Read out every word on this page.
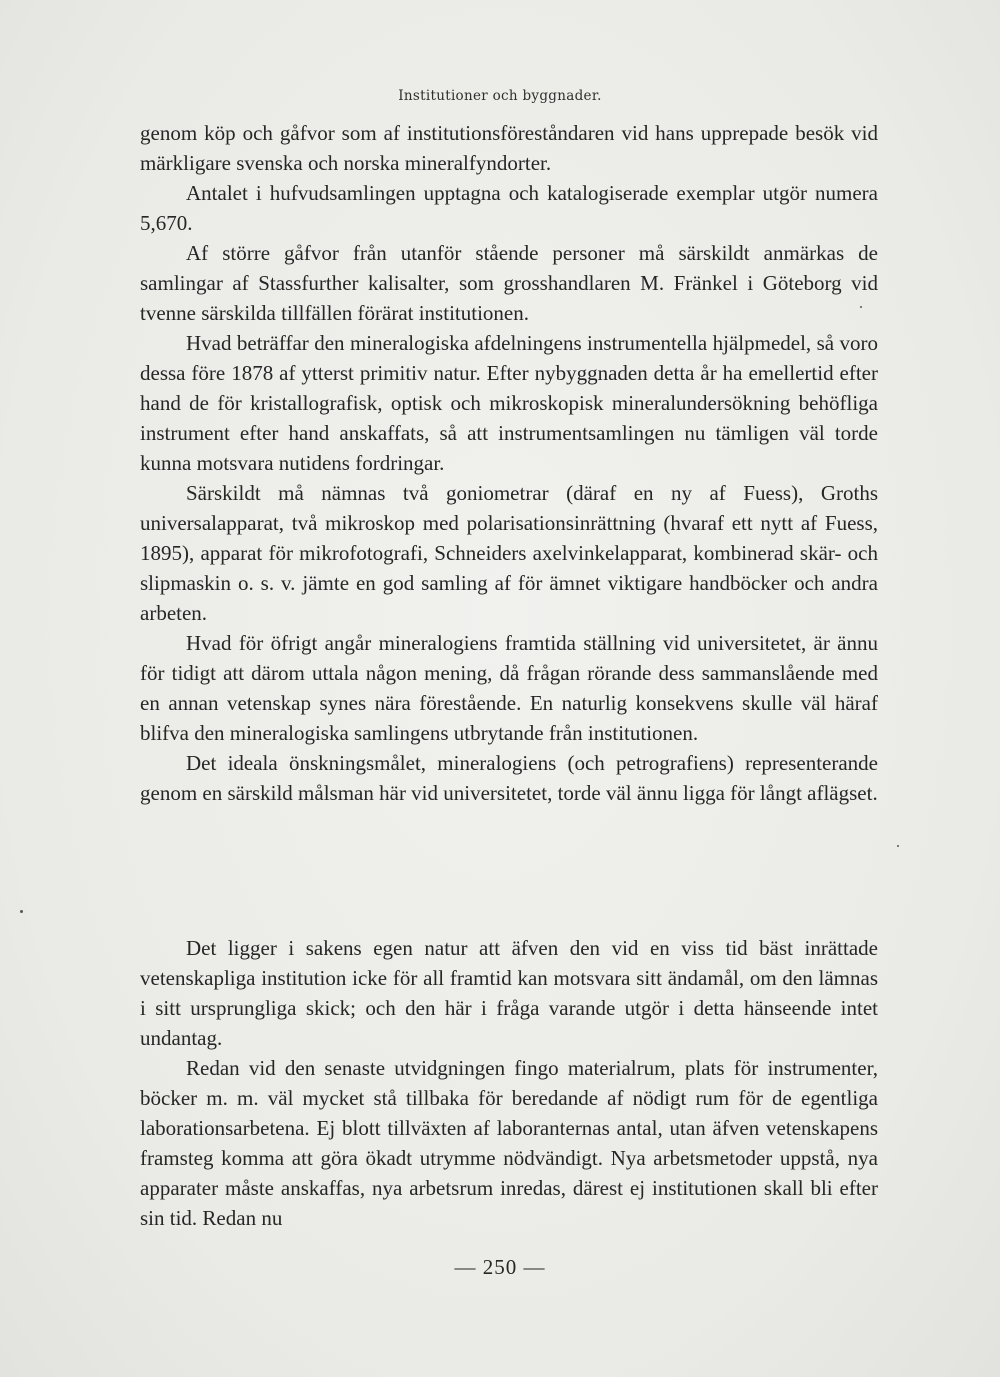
Institutioner och byggnader.

genom köp och gåfvor som af institutionsföreståndaren vid hans upprepade besök vid märkligare svenska och norska mineralfyndorter.

Antalet i hufvudsamlingen upptagna och katalogiserade exemplar utgör numera 5,670.

Af större gåfvor från utanför stående personer må särskildt anmärkas de samlingar af Stassfurther kalisalter, som grosshandlaren M. Fränkel i Göteborg vid tvenne särskilda tillfällen förärat institutionen.

Hvad beträffar den mineralogiska afdelningens instrumentella hjälpmedel, så voro dessa före 1878 af ytterst primitiv natur. Efter nybyggnaden detta år ha emellertid efter hand de för kristallografisk, optisk och mikroskopisk mineralundersökning behöfliga instrument efter hand anskaffats, så att instrumentsamlingen nu tämligen väl torde kunna motsvara nutidens fordringar.

Särskildt må nämnas två goniometrar (däraf en ny af Fuess), Groths universalapparat, två mikroskop med polarisationsinrättning (hvaraf ett nytt af Fuess, 1895), apparat för mikrofotografi, Schneiders axelvinkelapparat, kombinerad skär- och slipmaskin o. s. v. jämte en god samling af för ämnet viktigare handböcker och andra arbeten.

Hvad för öfrigt angår mineralogiens framtida ställning vid universitetet, är ännu för tidigt att därom uttala någon mening, då frågan rörande dess sammanslående med en annan vetenskap synes nära förestående. En naturlig konsekvens skulle väl häraf blifva den mineralogiska samlingens utbrytande från institutionen.

Det ideala önskningsmålet, mineralogiens (och petrografiens) representerande genom en särskild målsman här vid universitetet, torde väl ännu ligga för långt aflägset.

Det ligger i sakens egen natur att äfven den vid en viss tid bäst inrättade vetenskapliga institution icke för all framtid kan motsvara sitt ändamål, om den lämnas i sitt ursprungliga skick; och den här i fråga varande utgör i detta hänseende intet undantag.

Redan vid den senaste utvidgningen fingo materialrum, plats för instrumenter, böcker m. m. väl mycket stå tillbaka för beredande af nödigt rum för de egentliga laborationsarbetena. Ej blott tillväxten af laboranternas antal, utan äfven vetenskapens framsteg komma att göra ökadt utrymme nödvändigt. Nya arbetsmetoder uppstå, nya apparater måste anskaffas, nya arbetsrum inredas, därest ej institutionen skall bli efter sin tid. Redan nu

— 250 —
